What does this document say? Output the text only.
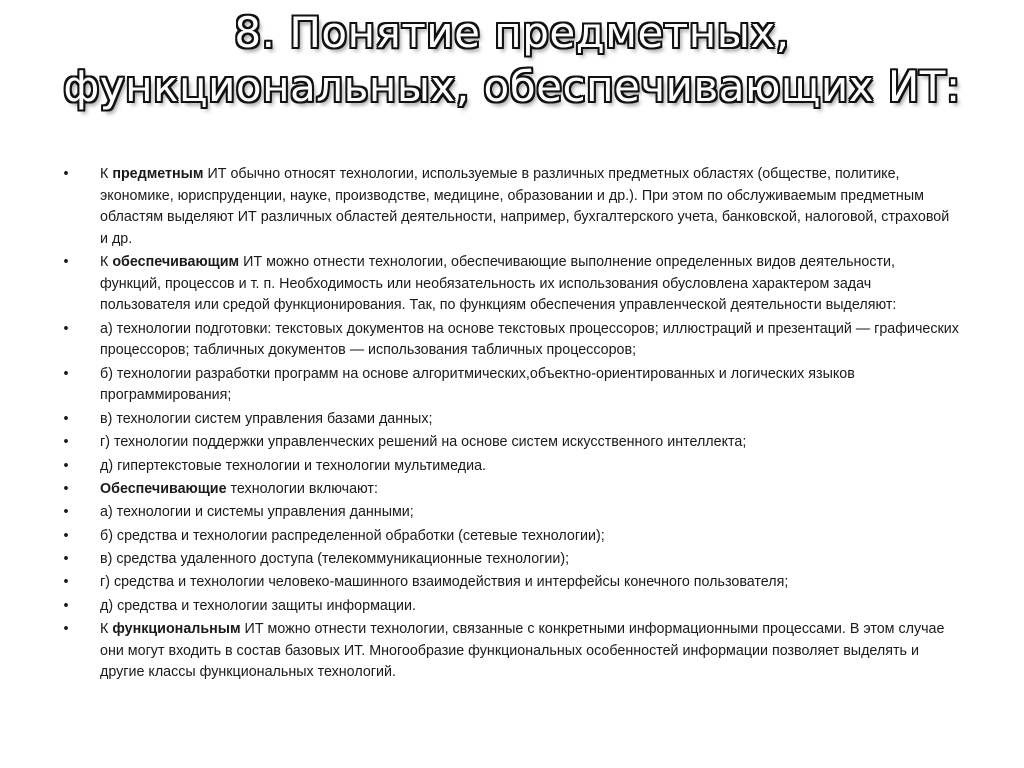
8. Понятие предметных,
функциональных, обеспечивающих ИТ:
• К предметным ИТ обычно относят технологии, используемые в различных предметных областях (обществе, политике, экономике, юриспруденции, науке, производстве, медицине, образовании и др.). При этом по обслуживаемым предметным областям выделяют ИТ различных областей деятельности, например, бухгалтерского учета, банковской, налоговой, страховой и др.
• К обеспечивающим ИТ можно отнести технологии, обеспечивающие выполнение определенных видов деятельности, функций, процессов и т. п. Необходимость или необязательность их использования обусловлена характером задач пользователя или средой функционирования. Так, по функциям обеспечения управленческой деятельности выделяют:
• а) технологии подготовки: текстовых документов на основе текстовых процессоров; иллюстраций и презентаций — графических процессоров; табличных документов — использования табличных процессоров;
• б) технологии разработки программ на основе алгоритмических,объектно-ориентированных и логических языков программирования;
• в) технологии систем управления базами данных;
• г) технологии поддержки управленческих решений на основе систем искусственного интеллекта;
• д) гипертекстовые технологии и технологии мультимедиа.
• Обеспечивающие технологии включают:
• а) технологии и системы управления данными;
• б) средства и технологии распределенной обработки (сетевые технологии);
• в) средства удаленного доступа (телекоммуникационные технологии);
• г) средства и технологии человеко-машинного взаимодействия и интерфейсы конечного пользователя;
• д) средства и технологии защиты информации.
• К функциональным ИТ можно отнести технологии, связанные с конкретными информационными процессами. В этом случае они могут входить в состав базовых ИТ. Многообразие функциональных особенностей информации позволяет выделять и другие классы функциональных технологий.
